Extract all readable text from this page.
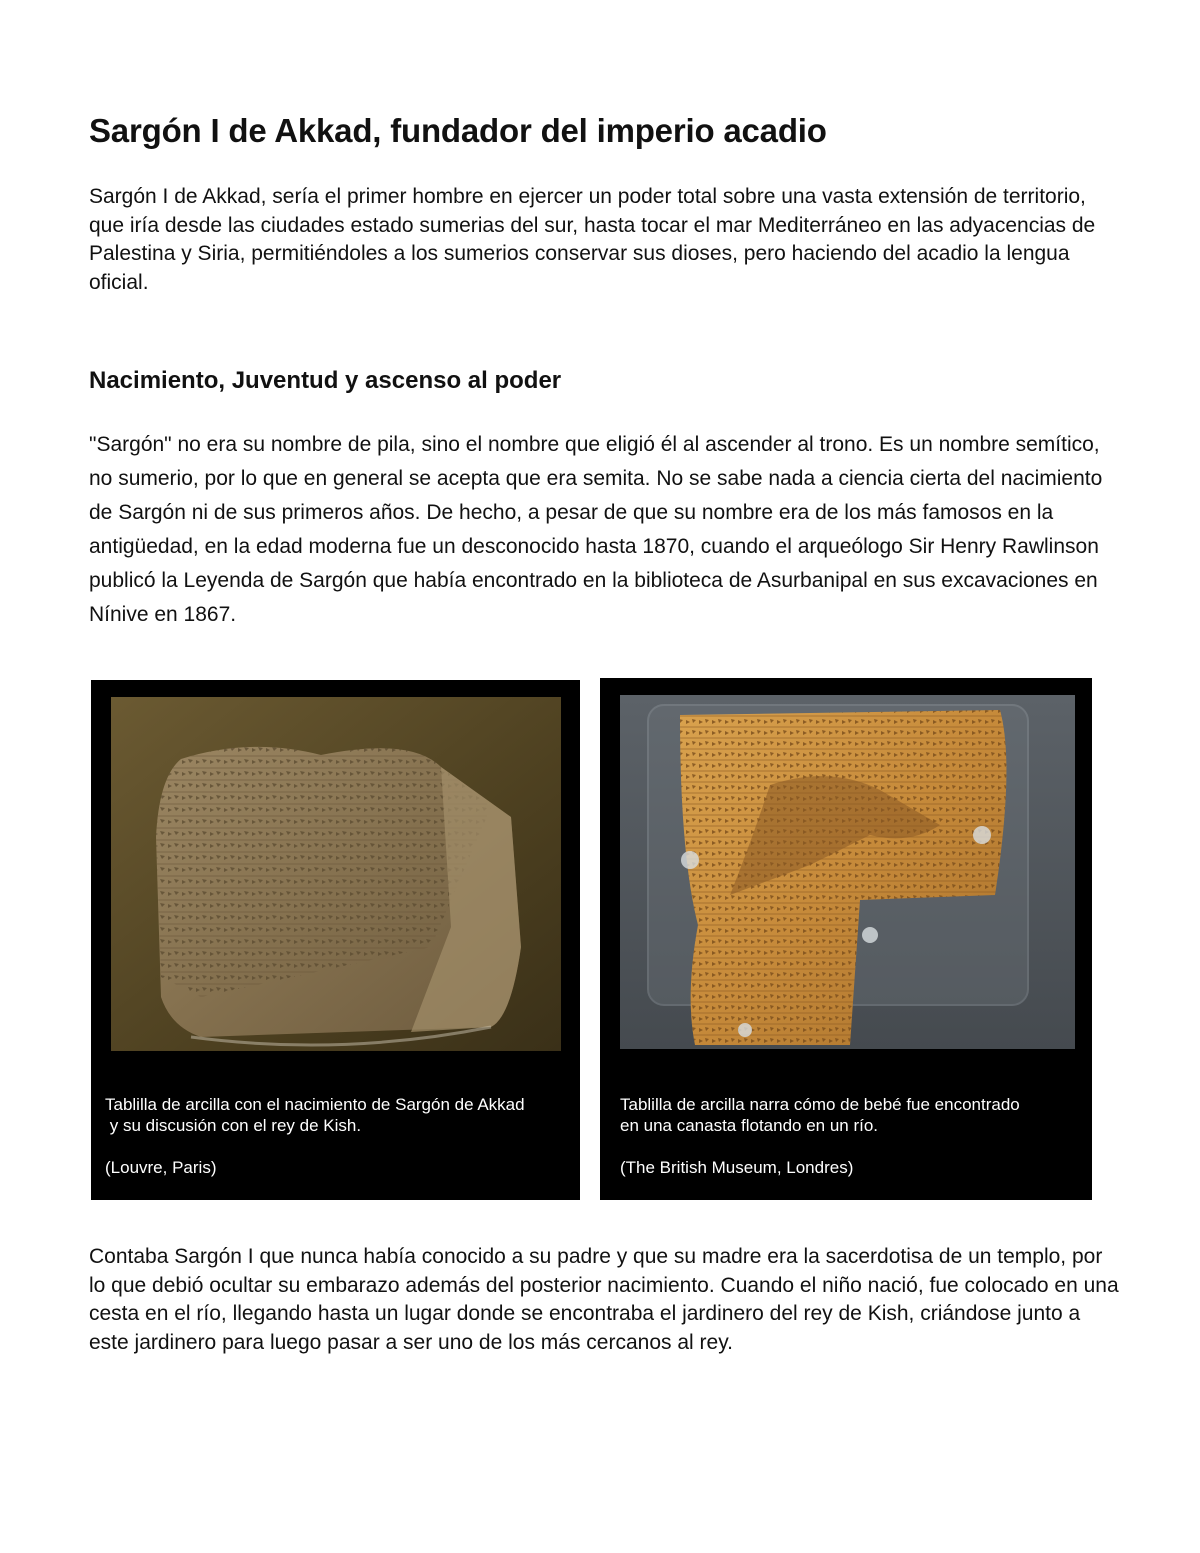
Sargón I de Akkad, fundador del imperio acadio

Sargón I de Akkad, sería el primer hombre en ejercer un poder total sobre una vasta extensión de territorio, que iría desde las ciudades estado sumerias del sur, hasta tocar el mar Mediterráneo en las adyacencias de Palestina y Siria, permitiéndoles a los sumerios conservar sus dioses, pero haciendo del acadio la lengua oficial.

Nacimiento, Juventud y ascenso al poder

"Sargón" no era su nombre de pila, sino el nombre que eligió él al ascender al trono. Es un nombre semítico, no sumerio, por lo que en general se acepta que era semita. No se sabe nada a ciencia cierta del nacimiento de Sargón ni de sus primeros años. De hecho, a pesar de que su nombre era de los más famosos en la antigüedad, en la edad moderna fue un desconocido hasta 1870, cuando el arqueólogo Sir Henry Rawlinson publicó la Leyenda de Sargón que había encontrado en la biblioteca de Asurbanipal en sus excavaciones en Nínive en 1867.

Tablilla de arcilla con el nacimiento de Sargón de Akkad
y su discusión con el rey de Kish.
(Louvre, Paris)
Tablilla de arcilla narra cómo de bebé fue encontrado
en una canasta flotando en un río.
(The British Museum, Londres)

Contaba Sargón I que nunca había conocido a su padre y que su madre era la sacerdotisa de un templo, por lo que debió ocultar su embarazo además del posterior nacimiento. Cuando el niño nació, fue colocado en una cesta en el río, llegando hasta un lugar donde se encontraba el jardinero del rey de Kish, criándose junto a este jardinero para luego pasar a ser uno de los más cercanos al rey.
